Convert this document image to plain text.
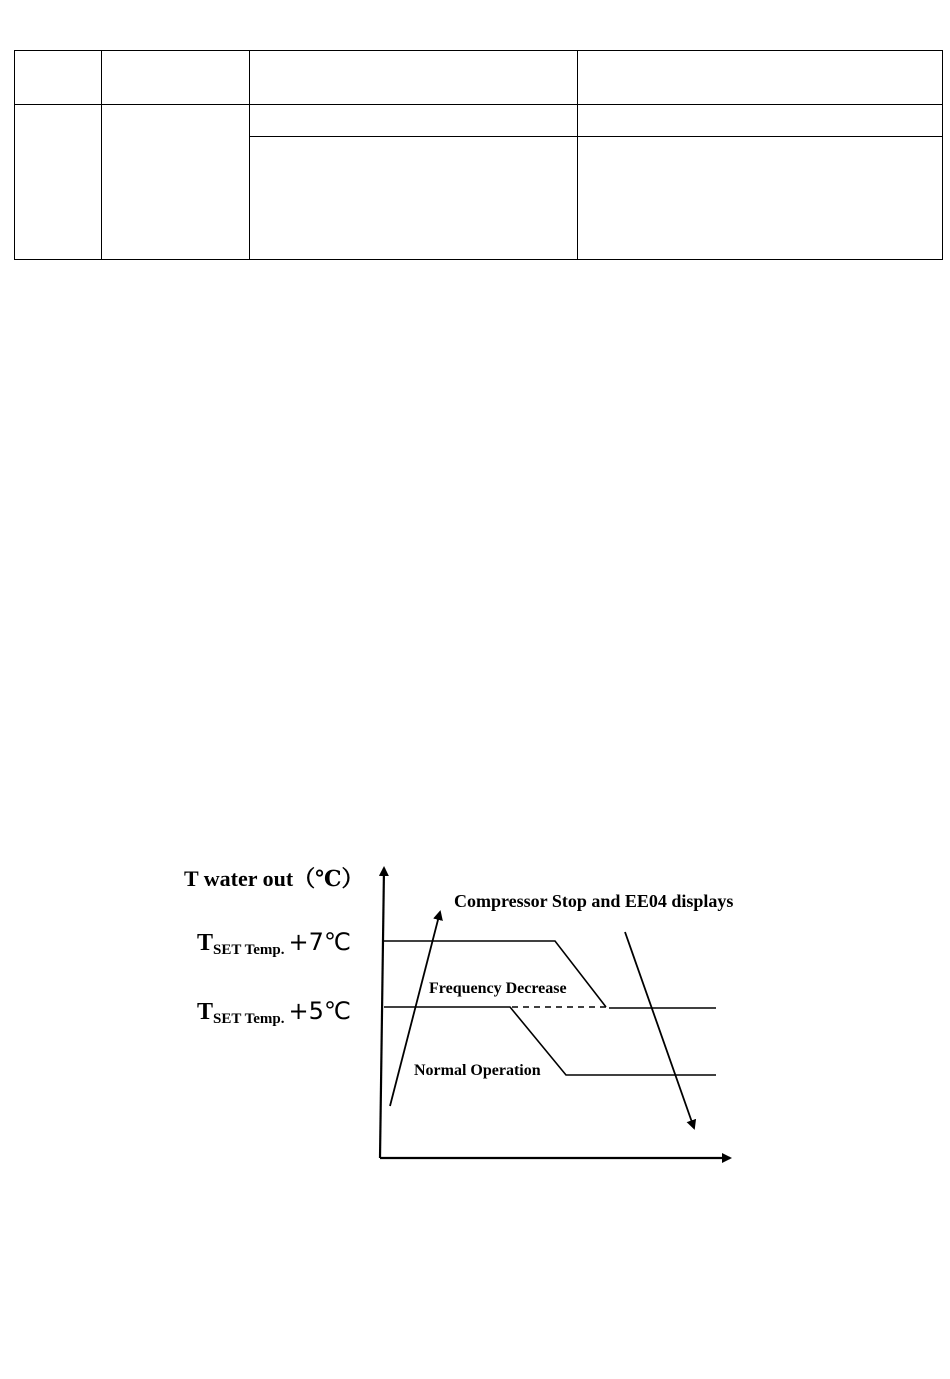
T water out（℃）
TSET Temp. +7℃
TSET Temp. +5℃
Compressor Stop and EE04 displays
Frequency Decrease
Normal Operation
